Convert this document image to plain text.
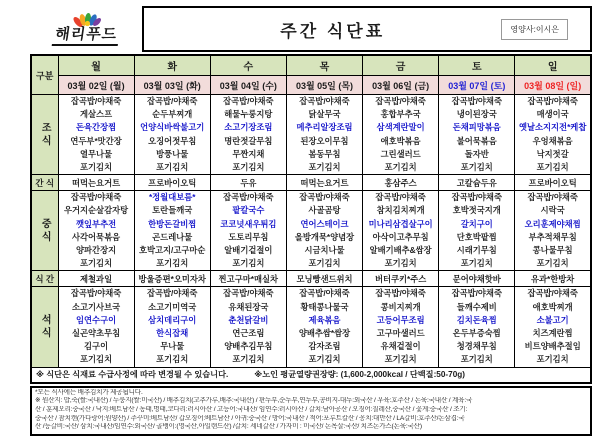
해리푸드	주간 식단표	영양사:이시은
구분	월	화	수	목	금	토	일
	03월 02일 (월)	03월 03일 (화)	03월 04일 (수)	03월 05일 (목)	03월 06일 (금)	03월 07일 (토)	03월 08일 (일)
조식	
잡곡밥/야채죽
게살스프
돈육간장찜
연두부*맛간장
열무나물
포기김치

잡곡밥/야채죽
순두부찌개
언양식바싹불고기
오징어젓무침
방풍나물
포기김치

잡곡밥/야채죽
해물누룽지탕
소고기장조림
명란젓갈무침
무짠지채
포기김치

잡곡밥/야채죽
닭살무국
메추리알장조림
된장오이무침
봄동무침
포기김치

잡곡밥/야채죽
홍합부추국
삼색계란말이
애호박볶음
그린샐러드
포기김치

잡곡밥/야채죽
냉이된장국
돈채피망볶음
불어묵볶음
돌자반
포기김치

잡곡밥/야채죽
매생이국
옛날소지지전*케찹
우엉채볶음
낙지젓갈
포기김치

간 식	떠먹는요거트	프로바이오틱	두유	떠먹는요거트	홍삼주스	고칼슘두유	프로바이오틱
중식	
잡곡밥/야채죽
우거지순살감자탕
깻잎부추전
사각어묵볶음
양파간장지
포기김치

*정월대보름*
토란들깨국
한방돈갈비찜
곤드레나물
호박고지/고구마순
포기김치

잡곡밥/야채죽
팥칼국수
코코넛새우튀김
도토리무침
알배기겉절이
포기김치

잡곡밥/야채죽
사골곰탕
연어스테이크
올방개묵*양념장
시금치나물
포기김치

잡곡밥/야채죽
참치김치찌개
미나리삼겹살구이
아삭이고추무침
알배기배추&쌈장
포기김치

잡곡밥/야채죽
호박젓국지개
갈치구이
단호박팥찜
시래기무침
포기김치

잡곡밥/야채죽
시락국
오리훈제야채찜
부추적채무침
콩나물무침
포기김치

식 간	제철과일	방울증편*오미자차	찐고구마*매실차	모닝빵샌드위치	버터쿠키*주스	문어야채핫바	유과*한방차
석식	
잡곡밥/야채죽
소고기사브국
임연수구이
실곤약초무침
김구이
포기김치

잡곡밥/야채죽
소고기미역국
삼치데리구이
한식잡채
무나물
포기김치

잡곡밥/야채죽
유채된장국
춘천닭갈비
연근조림
양배추김무침
포기김치

잡곡밥/야채죽
황태콩나물국
제육볶음
양배추쌈*쌈장
감자조림
포기김치

잡곡밥/야채죽
콩비지찌개
고등어무조림
고구마샐러드
유채겉절이
포기김치

잡곡밥/야채죽
들깨수제비
김치돈육찜
온두부증숙찜
청경채무침
포기김치

잡곡밥/야채죽
애호박찌개
소불고기
치즈계란찜
비트양배추절임
포기김치

※ 식단은 식재료 수급사정에 따라 변경될 수 있습니다. ※노인 평균열량권장량: (1,600-2,000kcal / 단백질:50-70g)							
*모든 식사에는 배추김치가 제공됩니다.
※ 원산지: 밥,죽(쌀:국내산) / 누룽지(쌀:미국산) / 배추김치(고추가루,배추:국내산) / 판두부,순두부,연두부,콩비지-대두:외국산 / 우육:호주산 / 돈육:국내산 / 계육:국
산 / 훈제오리:중국산 / 낙지:베트남산 / 동태,명태,코다리:러시아산 / 고등어:국내산/ 임연수:러시아산 / 갈치:남아공산 / 오징어:칠레산,중국산 / 꽃게:중국산 / 조기:
중국산 / 참치캔(가다랑어:원양산) / 주꾸미:베트남산/ 갑오징어:베트남산 / 아귀:중국산 / 방어:국내산 / 적어:포루트칼산 / 꽁치:대만산 / LA갈비:호주산/돈삼겹:국
산 /등갈비:국산/ 삼치:국내산/임연수:외국산/ 골뱅이:(영국산,아일랜드산) /갈치: 세네갈산 / 가자미 : 미국산/ 돈목살:국산/ 치즈돈가스(돈육:국산)
